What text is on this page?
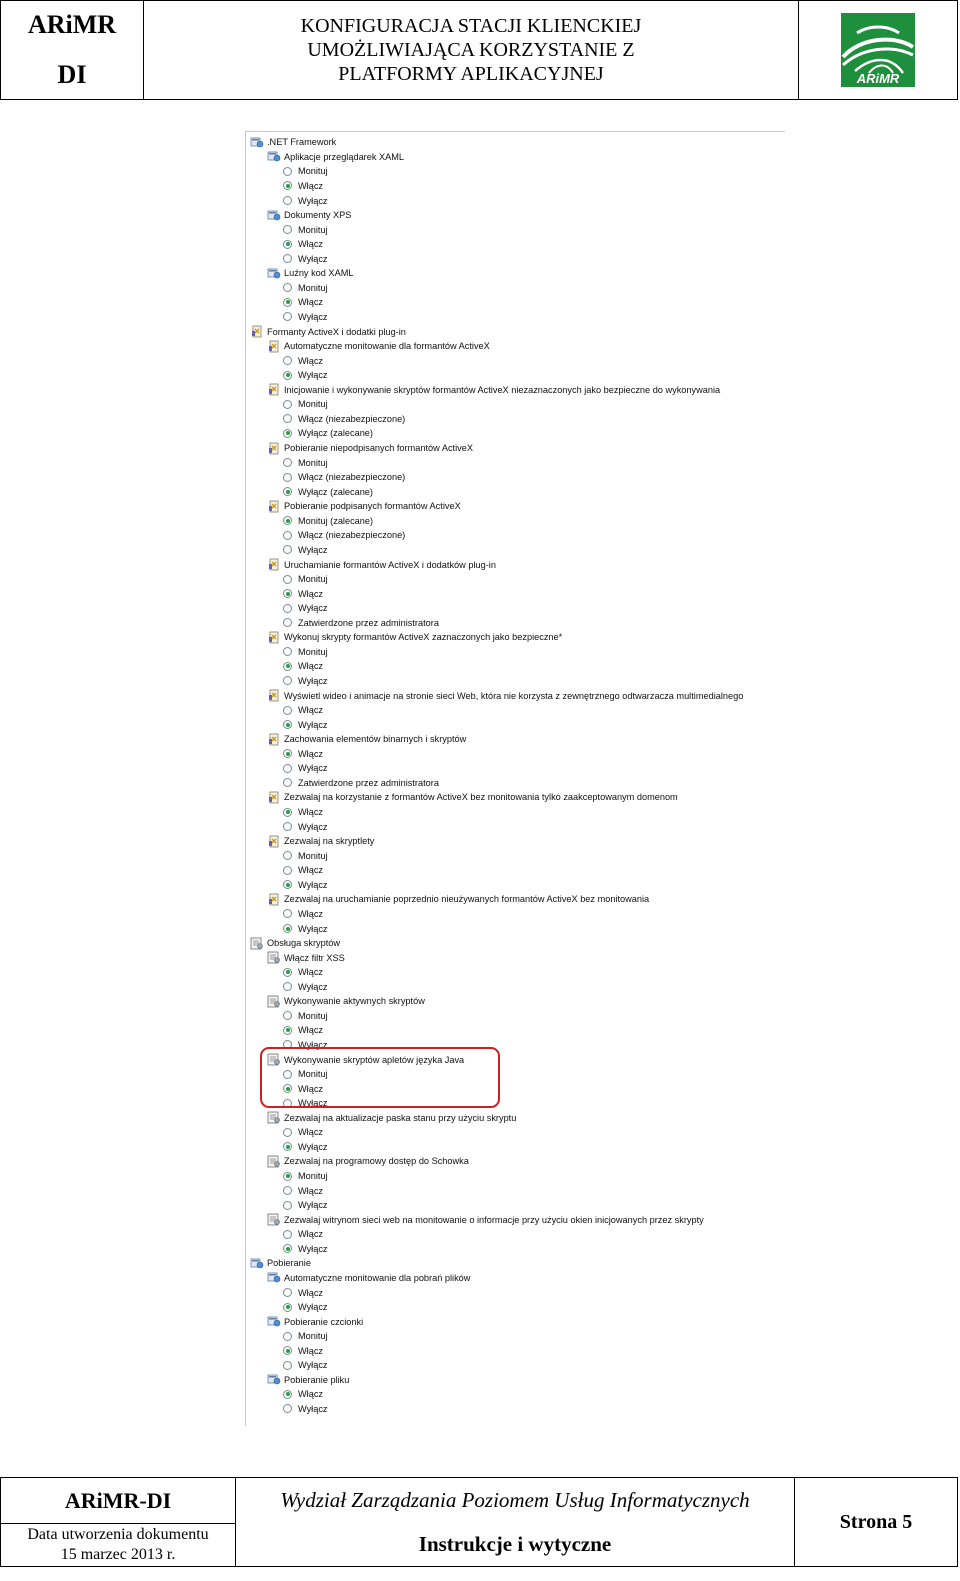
ARiMR
DI
KONFIGURACJA STACJI KLIENCKIEJ
UMOŻLIWIAJĄCA KORZYSTANIE Z
PLATFORMY APLIKACYJNEJ	ARiMR
.NET Framework
Aplikacje przeglądarek XAML
Monituj
Włącz
Wyłącz
Dokumenty XPS
Monituj
Włącz
Wyłącz
Luźny kod XAML
Monituj
Włącz
Wyłącz
Formanty ActiveX i dodatki plug-in
Automatyczne monitowanie dla formantów ActiveX
Włącz
Wyłącz
Inicjowanie i wykonywanie skryptów formantów ActiveX niezaznaczonych jako bezpieczne do wykonywania
Monituj
Włącz (niezabezpieczone)
Wyłącz (zalecane)
Pobieranie niepodpisanych formantów ActiveX
Monituj
Włącz (niezabezpieczone)
Wyłącz (zalecane)
Pobieranie podpisanych formantów ActiveX
Monituj (zalecane)
Włącz (niezabezpieczone)
Wyłącz
Uruchamianie formantów ActiveX i dodatków plug-in
Monituj
Włącz
Wyłącz
Zatwierdzone przez administratora
Wykonuj skrypty formantów ActiveX zaznaczonych jako bezpieczne*
Monituj
Włącz
Wyłącz
Wyświetl wideo i animacje na stronie sieci Web, która nie korzysta z zewnętrznego odtwarzacza multimedialnego
Włącz
Wyłącz
Zachowania elementów binarnych i skryptów
Włącz
Wyłącz
Zatwierdzone przez administratora
Zezwalaj na korzystanie z formantów ActiveX bez monitowania tylko zaakceptowanym domenom
Włącz
Wyłącz
Zezwalaj na skryptlety
Monituj
Włącz
Wyłącz
Zezwalaj na uruchamianie poprzednio nieużywanych formantów ActiveX bez monitowania
Włącz
Wyłącz
Obsługa skryptów
Włącz filtr XSS
Włącz
Wyłącz
Wykonywanie aktywnych skryptów
Monituj
Włącz
Wyłącz
Wykonywanie skryptów apletów języka Java
Monituj
Włącz
Wyłącz
Zezwalaj na aktualizacje paska stanu przy użyciu skryptu
Włącz
Wyłącz
Zezwalaj na programowy dostęp do Schowka
Monituj
Włącz
Wyłącz
Zezwalaj witrynom sieci web na monitowanie o informacje przy użyciu okien inicjowanych przez skrypty
Włącz
Wyłącz
Pobieranie
Automatyczne monitowanie dla pobrań plików
Włącz
Wyłącz
Pobieranie czcionki
Monituj
Włącz
Wyłącz
Pobieranie pliku
Włącz
Wyłącz
ARiMR-DI
Data utworzenia dokumentu
15 marzec 2013 r.
Wydział Zarządzania Poziomem Usług Informatycznych
Instrukcje i wytyczne
Strona 5
